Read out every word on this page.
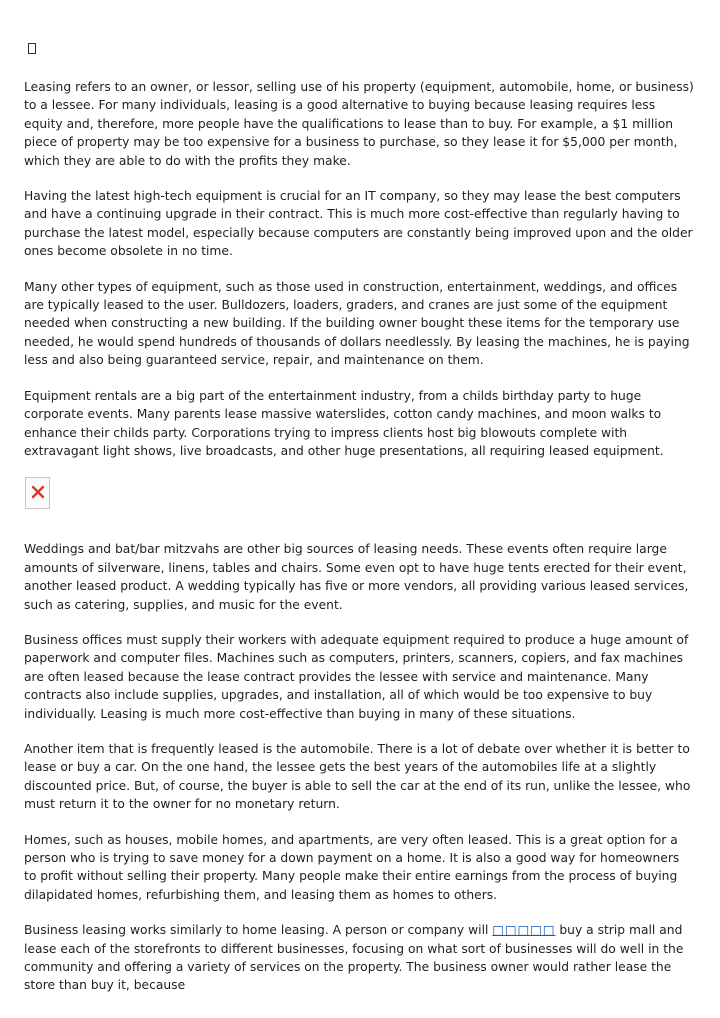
Leasing refers to an owner, or lessor, selling use of his property (equipment, automobile, home, or business) to a lessee. For many individuals, leasing is a good alternative to buying because leasing requires less equity and, therefore, more people have the qualifications to lease than to buy. For example, a $1 million piece of property may be too expensive for a business to purchase, so they lease it for $5,000 per month, which they are able to do with the profits they make.

Having the latest high-tech equipment is crucial for an IT company, so they may lease the best computers and have a continuing upgrade in their contract. This is much more cost-effective than regularly having to purchase the latest model, especially because computers are constantly being improved upon and the older ones become obsolete in no time.

Many other types of equipment, such as those used in construction, entertainment, weddings, and offices are typically leased to the user. Bulldozers, loaders, graders, and cranes are just some of the equipment needed when constructing a new building. If the building owner bought these items for the temporary use needed, he would spend hundreds of thousands of dollars needlessly. By leasing the machines, he is paying less and also being guaranteed service, repair, and maintenance on them.

Equipment rentals are a big part of the entertainment industry, from a childs birthday party to huge corporate events. Many parents lease massive waterslides, cotton candy machines, and moon walks to enhance their childs party. Corporations trying to impress clients host big blowouts complete with extravagant light shows, live broadcasts, and other huge presentations, all requiring leased equipment.

Weddings and bat/bar mitzvahs are other big sources of leasing needs. These events often require large amounts of silverware, linens, tables and chairs. Some even opt to have huge tents erected for their event, another leased product. A wedding typically has five or more vendors, all providing various leased services, such as catering, supplies, and music for the event.

Business offices must supply their workers with adequate equipment required to produce a huge amount of paperwork and computer files. Machines such as computers, printers, scanners, copiers, and fax machines are often leased because the lease contract provides the lessee with service and maintenance. Many contracts also include supplies, upgrades, and installation, all of which would be too expensive to buy individually. Leasing is much more cost-effective than buying in many of these situations.

Another item that is frequently leased is the automobile. There is a lot of debate over whether it is better to lease or buy a car. On the one hand, the lessee gets the best years of the automobiles life at a slightly discounted price. But, of course, the buyer is able to sell the car at the end of its run, unlike the lessee, who must return it to the owner for no monetary return.

Homes, such as houses, mobile homes, and apartments, are very often leased. This is a great option for a person who is trying to save money for a down payment on a home. It is also a good way for homeowners to profit without selling their property. Many people make their entire earnings from the process of buying dilapidated homes, refurbishing them, and leasing them as homes to others.

Business leasing works similarly to home leasing. A person or company will □□□□□ buy a strip mall and lease each of the storefronts to different businesses, focusing on what sort of businesses will do well in the community and offering a variety of services on the property. The business owner would rather lease the store than buy it, because
